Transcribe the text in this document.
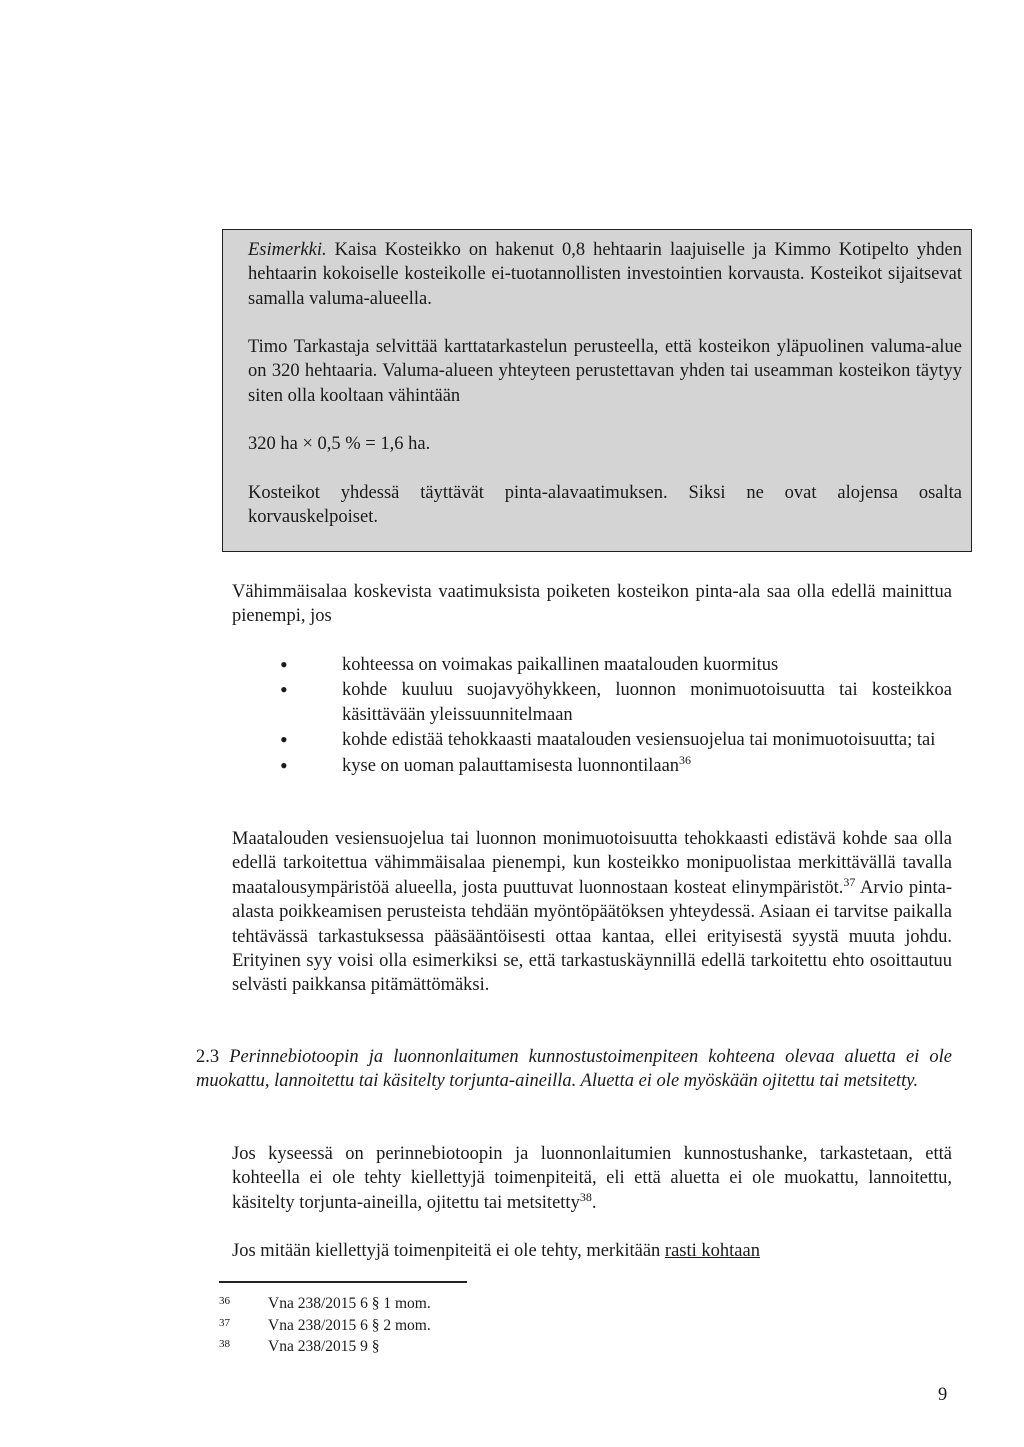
Esimerkki. Kaisa Kosteikko on hakenut 0,8 hehtaarin laajuiselle ja Kimmo Kotipelto yhden hehtaarin kokoiselle kosteikolle ei-tuotannollisten investointien korvausta. Kosteikot sijaitsevat samalla valuma-alueella.

Timo Tarkastaja selvittää karttatarkastelun perusteella, että kosteikon yläpuolinen valuma-alue on 320 hehtaaria. Valuma-alueen yhteyteen perustettavan yhden tai useamman kosteikon täytyy siten olla kooltaan vähintään

320 ha × 0,5 % = 1,6 ha.

Kosteikot yhdessä täyttävät pinta-alavaatimuksen. Siksi ne ovat alojensa osalta korvauskelpoiset.

Vähimmäisalaa koskevista vaatimuksista poiketen kosteikon pinta-ala saa olla edellä mainittua pienempi, jos

•	kohteessa on voimakas paikallinen maatalouden kuormitus
•	kohde kuuluu suojavyöhykkeen, luonnon monimuotoisuutta tai kosteikkoa käsittävään yleissuunnitelmaan
•	kohde edistää tehokkaasti maatalouden vesiensuojelua tai monimuotoisuutta; tai
•	kyse on uoman palauttamisesta luonnontilaan$^{36}$

Maatalouden vesiensuojelua tai luonnon monimuotoisuutta tehokkaasti edistävä kohde saa olla edellä tarkoitettua vähimmäisalaa pienempi, kun kosteikko monipuolistaa merkittävällä tavalla maatalousympäristöä alueella, josta puuttuvat luonnostaan kosteat elinympäristöt.$^{37}$ Arvio pinta-alasta poikkeamisen perusteista tehdään myöntöpäätöksen yhteydessä. Asiaan ei tarvitse paikalla tehtävässä tarkastuksessa pääsääntöisesti ottaa kantaa, ellei erityisestä syystä muuta johdu. Erityinen syy voisi olla esimerkiksi se, että tarkastuskäynnillä edellä tarkoitettu ehto osoittautuu selvästi paikkansa pitämättömäksi.

2.3 Perinnebiotoopin ja luonnonlaitumen kunnostustoimenpiteen kohteena olevaa aluetta ei ole muokattu, lannoitettu tai käsitelty torjunta-aineilla. Aluetta ei ole myöskään ojitettu tai metsitetty.

Jos kyseessä on perinnebiotoopin ja luonnonlaitumien kunnostushanke, tarkastetaan, että kohteella ei ole tehty kiellettyjä toimenpiteitä, eli että aluetta ei ole muokattu, lannoitettu, käsitelty torjunta-aineilla, ojitettu tai metsitetty$^{38}$.

Jos mitään kiellettyjä toimenpiteitä ei ole tehty, merkitään rasti kohtaan

36 Vna 238/2015 6 § 1 mom.
37 Vna 238/2015 6 § 2 mom.
38 Vna 238/2015 9 §
9
